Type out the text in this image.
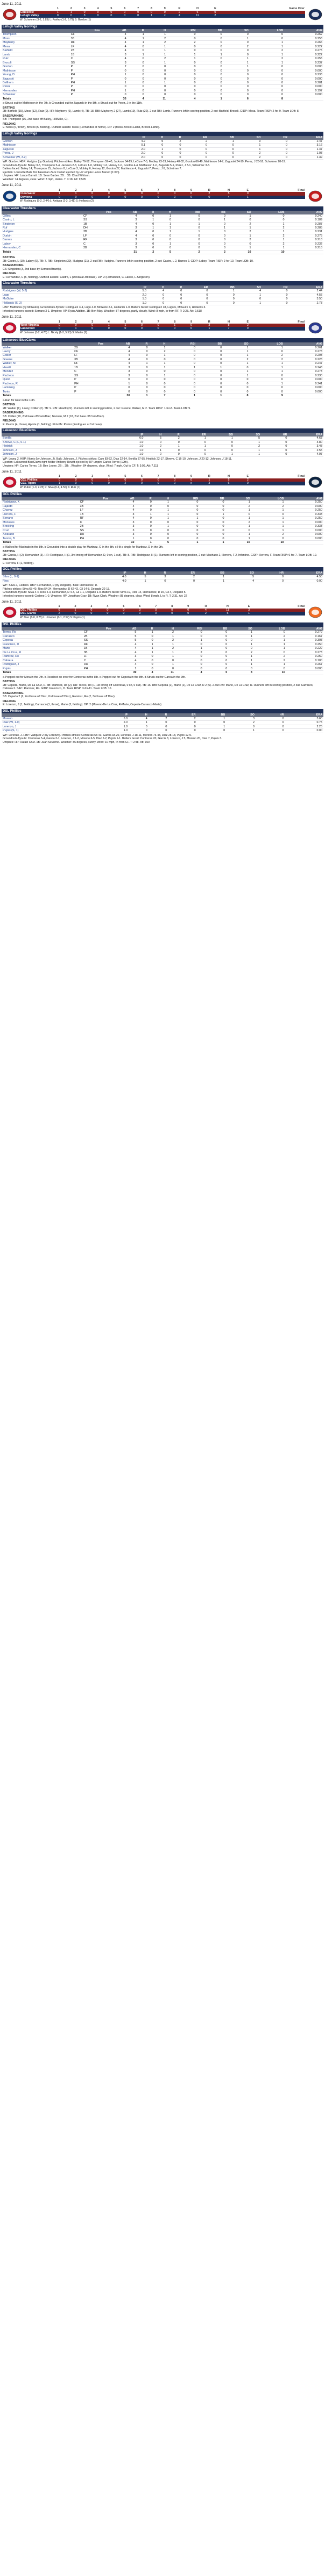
June 11, 2011
	1	2	3	4	5	6	7	8	9	R	H	E	Game Over
Louisville	1	1	0	0	0	0	0	0	0	2	6	0	
Lehigh Valley	0	0	3	0	0	0	0	1	x	4	11	2	
W: Schwimer (3-2, 1.83) L: Fairley (1-2, 5.79) S: Gordon (1)
Lehigh Valley IronPigs
	Pos	AB	R	H	RBI	BB	SO	LOB	AVG
Thompson	CF	4	1	1	0	0	0	0	0.262
Moss	3B	4	1	2	0	0	1	0	0.253
Mayberry	RF	4	1	2	2	0	0	1	0.266
Mesa	LF	4	0	1	0	0	2	1	0.222
Barfield	2B	4	0	1	0	0	0	2	0.275
Lamb	1B	3	1	1	1	1	0	1	0.222
Ruiz	C	4	0	2	1	0	1	2	0.255
Brocoli	SS	3	0	1	0	0	1	1	0.237
Gordon	P	2	0	0	0	0	1	0	0.000
Mathieson	P	0	0	0	0	0	0	0	0.000
Young, D	PH	1	0	0	0	0	0	0	0.233
Zagurski	P	0	0	0	0	0	0	0	0.000
Bellhorn	PH	1	0	1	0	0	0	0	0.281
Perez	P	0	0	0	0	0	0	0	0.000
Hernandez	PH	1	0	0	0	0	0	0	0.197
Schwimer	P	0	0	0	0	0	0	0	0.000
Totals		35	4	11	4	1	6	8	
a-Struck out for Mathieson in the 7th. b-Grounded out for Zagurski in the 8th. c-Struck out for Perez, J in the 11th.
BATTING
2B: Barfield (15), Moss (12), Ruiz (9). HR: Mayberry (6), Lamb (4). TB: 18. RBI: Mayberry 2 (27), Lamb (19), Ruiz (22). 2-out RBI: Lamb. Runners left in scoring position, 2 out: Barfield, Brocoli. GIDP: Mesa. Team RISP: 2-for-9. Team LOB: 8.
BASERUNNING
SB: Thompson (16, 2nd base off Bailey, Hill/Mike, C).
FIELDING
E: Moss (6, throw), Brocoli (5, fielding). Outfield assists: Moss (Hernandez at home). DP: 2 (Moss-Brocoli-Lamb, Brocoli-Lamb).
Lehigh Valley IronPigs
		IP	H	R	ER	BB	SO	HR	ERA
Gordon		4.2	5	2	2	1	3	0	2.47
Mathieson		0.1	0	0	0	0	1	0	3.16
Zagurski		2.0	1	0	0	0	1	0	1.47
Perez, J		2.0	0	0	0	0	2	0	1.93
Schwimer (W, 3-2)		2.0	0	0	0	0	2	0	1.49
WP: Gordon. HBP: Hudgins (by Gordon). Pitches-strikes: Bailey 76-52, Thompson 59-40, Jackson 34-19, LeCure 7-5, Mobley 23-13, Heisey 48-32, Gordon 66-49, Mathieson 14-7, Zagurski 24-19, Perez, J 28-18, Schwimer 28-19.
Groundouts-flyouts: Bailey 3-5, Thompson 5-4, Jackson 2-3, LeCure 1-0, Mobley 1-0, Heisey 1-0, Gordon 4-4, Mathieson 1-0, Zagurski 5-1, Perez, J 3-1, Schwimer 3-3.
Batters faced: Bailey 14, Thompson 15, Jackson 8, LeCure 3, Mobley 6, Heisey 12, Gordon 27, Mathieson 4, Zagurski 7, Perez, J 6, Schwimer 7.
Ejection: Louisville Bats first baseman Zack Cozart ejected by HP umpire Lance Barrett (1:0th).
Umpires: HP: Lance Barrett. 1B: Sean Barber. 2B: . 3B: Chad Whitson.
Weather: 74 degrees, clear. Wind: 8 mph, Varies. T: 3:18. Att: 9,505
June 11, 2011
	1	2	3	4	5	6	7	8	9	R	H	E	Final
Clearwater	1	1	0	0	0	0	0	0	0	2	5	0	
Daytona	0	0	0	0	0	0	0	0	0	0	4	1	
W: Rodriguez (5-2, 2.44) L: Antigua (2-3, 3.41) S: Hollands (2)
Clearwater Threshers
	Pos	AB	R	H	RBI	BB	SO	LOB	AVG
Gillies	CF	4	0	1	0	0	1	0	0.240
Castro, L	SS	3	1	0	0	1	0	0	0.189
Singleton	1B	4	0	1	1	0	2	1	0.287
Ruf	DH	3	1	1	0	1	1	2	0.285
Hudgins	3B	4	0	1	1	0	2	1	0.231
Durbin	LF	4	0	0	0	0	1	2	0.275
Barnes	RF	3	0	0	0	0	2	1	0.218
Laboy	C	3	0	1	0	0	0	2	0.232
Hernandez, C	2B	3	0	0	0	0	1	1	0.218
Totals		31	2	5	2	2	10	10	
BATTING
2B: Castro, L (10), Laboy (9). TB: 7. RBI: Singleton (39), Hudgins (21). 2-out RBI: Hudgins. Runners left in scoring position, 2 out: Castro, L 2, Barnes 2. GIDP: Laboy. Team RISP: 2-for-10. Team LOB: 10.
BASERUNNING
CS: Singleton (3, 2nd base by Serrano/Brantly).
FIELDING
E: Hernandez, C (5, fielding). Outfield assists: Castro, L (Davila at 3rd base). DP: 2 (Hernandez, C-Castro, L-Singleton).
Clearwater Threshers
		IP	H	R	ER	BB	SO	HR	ERA
Rodriguez (W, 5-2)		5.0	4	0	0	1	4	0	2.44
Lugo		2.0	0	0	0	0	1	0	4.55
McGuire		1.0	0	0	0	0	0	0	3.50
Hollands (S, 2)		1.0	0	0	0	0	1	0	2.73
HBP: Matthews (by McGuire). Groundouts-flyouts: Rodriguez 3-4, Lugo 4-0, McGuire 2-1, Hollands 1-0. Batters faced: Rodriguez 18, Lugo 6, McGuire 4, Hollands 3.
Inherited runners-scored: Serrano 3-1. Umpires: HP: Ryan Additon. 1B: Ben May. Weather: 87 degrees, partly cloudy. Wind: 8 mph, In from RF. T: 2:23. Att: 2,518
June 11, 2011
	1	2	3	4	5	6	7	8	9	R	H	E	Final
West Virginia	0	0	0	1	1	0	0	1	0	3	8	2	
Lakewood	0	1	0	0	0	0	0	0	0	1	7	0	
W: Johnson (3-2, 4.70) L: Nicely (1-2, 5.53) S: Martin (2)
Lakewood BlueClaws
	Pos	AB	R	H	RBI	BB	SO	LOB	AVG
Walker	2B	4	0	1	0	0	1	1	0.261
Lavoy	CF	4	0	2	0	0	1	0	0.278
Collier	LF	4	0	1	0	0	1	2	0.293
Greene	3B	4	0	0	0	0	2	2	0.228
Walker, M	RF	4	1	1	0	0	1	1	0.247
Hewitt	1B	3	0	1	1	1	0	1	0.243
Mendez	C	3	0	0	0	0	1	1	0.273
Pacheco	SS	3	0	1	0	0	1	0	0.230
Quinn	P	0	0	0	0	0	0	0	0.000
Pacheco, R	PH	1	0	0	0	0	0	1	0.241
Lamming	P	0	0	0	0	0	0	0	0.000
Tunis	P	0	0	0	0	0	0	0	0.000
Totals		30	1	7	1	1	8	9	
a-Ran for Ruiz in the 10th.
BATTING
2B: Walker (1), Lavoy, Collier (2). TB: 9. RBI: Hewitt (22). Runners left in scoring position, 2 out: Greene, Walker, M 2. Team RISP: 1-for-8. Team LOB: 9.
BASERUNNING
SB: Collier (18, 2nd base off Cam/Diaz, Noonan, M 2 (18, 2nd base off Cam/Diaz).
FIELDING
E: Pastor (4, throw), Aporte (1, fielding). Pickoffs: Pastor (Rodriguez at 1st base).
Lakewood BlueClaws
		IP	H	R	ER	BB	SO	HR	ERA
Bonilla		6.0	5	2	1	1	5	0	4.63
Shreve, C (L, 0-1)		1.0	0	0	0	0	1	0	4.80
Hedrick		1.0	2	1	1	0	2	0	3.48
Johnson, J		1.0	1	0	0	0	1	0	2.55
Johnson, J		1.0	0	0	0	1	1	0	4.97
WP: Lopez 2. HBP: Norris (by Johnson, J). Balk: Johnson, J. Pitches-strikes: Cam 83-52, Diaz 22-14, Bonilla 87-55, Hedrick 22-17, Shreve, C 16-10, Johnson, J 20-12, Johnson, J 18-11.
Ejection: Lakewood BlueClaws right fielder Anthony Hewitt ejected by HP umpire Carlos Torres (12th).
Umpires: HP: Carlos Torres. 1B: Ben Leone. 2B: . 3B: . Weather: 84 degrees, clear. Wind: 7 mph, Out to CF. T: 3:09. Att: 7,111
June 11, 2011
	1	2	3	4	5	6	7	8	9	R	H	E	Final
GCL Phillies	0	0	0	1	0	0	0	0	0	1	5	2	
GCL Tigers	1	0	0	0	2	0	0	0	x	3	6	0	
W: Rubio (1-0, 2.25) L: Silva (0-1, 4.50) S: Ruiz (1)
GCL Phillies
	Pos	AB	R	H	RBI	BB	SO	LOB	AVG
Rodriguez, K	CF	4	0	1	0	0	1	1	0.250
Fajardo	3B	4	0	0	0	0	2	2	0.000
Chavez	LF	4	0	1	0	0	1	1	0.250
Herrera, F	1B	3	1	1	0	1	0	0	0.333
Serrano	RF	4	0	1	1	0	1	1	0.250
Monsees	C	3	0	0	0	0	2	1	0.000
Brocking	2B	3	0	1	0	0	1	1	0.333
Cruz	SS	3	0	0	0	0	0	1	0.000
Alvarado	DH	3	0	0	0	0	1	2	0.000
Tarrow, B	PH	1	0	0	0	0	1	0	0.000
Totals		32	1	5	1	1	10	10	
a-Walked for Machado in the 8th. b-Grounded into a double play for Martinez, G in the 8th. c-Hit a single for Martinez, D in the 9th.
BATTING
2B: Garcia, H (2), Hernandez (3). HR: Rodriguez, H (1, 3rd inning off Hernandez, D, 0 on, 1 out). TB: 8. RBI: Rodriguez, H (1). Runners left in scoring position, 2 out: Machado 2, Herrera, F 2, Infantino. GIDP: Herrera, F. Team RISP: 0-for-7. Team LOB: 10.
FIELDING
E: Herrera, F (1, fielding).
GCL Phillies
		IP	H	R	ER	BB	SO	HR	ERA
Silva (L, 0-1)		4.0	5	3	2	1	5	0	4.50
Rios		4.0	1	0	0	1	4	0	0.00
WP: Silva 2, Cedeno. HBP: Hernandez, D (by Delgado). Balk: Hernandez, D.
Pitches-strikes: Silva 65-40, Rios 54-34, Hernandez, D 62-42, Gil 14-8, Delgado 22-13.
Groundouts-flyouts: Silva 4-4, Rios 5-3, Hernandez, D 4-3, Gil 1-1, Delgado 1-0. Batters faced: Silva 19, Rios 14, Hernandez, D 15, Gil 4, Delgado 5.
Inherited runners-scored: Cedeno 1-0. Umpires: HP: Jonathan Gray. 1B: Ryan Clark. Weather: 88 degrees, clear. Wind: 8 mph, L to R. T: 2:31. Att: 22
June 11, 2011
	1	2	3	4	5	6	7	8	9	R	H	E	Final
DSL Phillies	0	1	0	0	0	3	0	0	0	4	11	3	
DSL Giants	2	0	0	0	0	0	0	0	0	2	5	1	
W: Diaz (1-0, 0.75) L: Jimenez (0-1, 2.57) S: Pujols (1)
DSL Phillies
	Pos	AB	R	H	RBI	BB	SO	LOB	AVG
Torres, Ro	CF	5	1	2	0	0	1	0	0.279
Carrasco	2B	5	0	1	0	0	1	2	0.167
Cepeda	SS	5	0	2	1	0	0	1	0.308
Francisco, D	RF	4	1	1	0	0	1	1	0.250
Marte	1B	4	1	2	1	0	0	1	0.222
De La Cruz, R	3B	4	1	1	2	0	2	0	0.273
Ramirez, Ro	LF	3	0	1	0	0	1	2	0.250
Cabrera	C	4	0	0	0	0	1	2	0.100
Rodriguez, J	DH	4	0	1	0	0	1	1	0.267
Pujols	PH	1	0	0	0	0	0	0	0.000
Totals		39	4	11	4	0	8	10	
a-Popped out for Mora in the 7th. b-Reached on error for Contreras in the 8th. c-Popped out for Cepeda in the 8th. d-Struck out for Garcia in the 9th.
BATTING
2B: Cepeda, Marte, De La Cruz, R. 3B: Ramirez, Ro (2). HR: Torres, Ro (1, 1st inning off Contreras, 0 on, 0 out). TB: 16. RBI: Cepeda (1), Marte (2), De La Cruz, R 2 (5). 2-out RBI: Marte, De La Cruz, R. Runners left in scoring position, 2 out: Carrasco, Cabrera 2. SAC: Ramirez, Ro. GIDP: Francisco, D. Team RISP: 3-for-11. Team LOB: 10.
BASERUNNING
SB: Cepeda 2 (2, 2nd base off Diaz, 2nd base off Diaz), Ramirez, Ro (2, 3rd base off Diaz).
FIELDING
E: Lorenzo, J (1, fielding), Carrasco (1, throw), Marte (2, fielding). DP: 2 (Moreno-De La Cruz, R-Marte, Cepeda-Carrasco-Marte).
DSL Phillies
		IP	H	R	ER	BB	SO	HR	ERA
Moreno		5.0	4	2	2	1	3	0	3.60
Diaz (W, 1-0)		2.0	1	0	0	0	2	0	0.75
Lorenzo, J		1.0	0	0	0	1	0	0	2.25
Pujols (S, 1)		1.0	0	0	0	0	1	0	0.00
WP: Lorenzo, J. HBP: Vazquez 2 (by Lorenzo). Pitches-strikes: Contreras 68-43, Garcia 33-20, Lorenzo, J 18-11, Moreno 76-48, Diaz 28-18, Pujols 12-9.
Groundouts-flyouts: Contreras 5-4, Garcia 3-1, Lorenzo, J 1-2, Moreno 6-5, Diaz 2-2, Pujols 1-1. Batters faced: Contreras 20, Garcia 8, Lorenzo, J 5, Moreno 20, Diaz 7, Pujols 3.
Umpires: HP: Rafael Cruz. 1B: Juan Severino. Weather: 86 degrees, sunny. Wind: 10 mph, In from CF. T: 2:48. Att: 150
